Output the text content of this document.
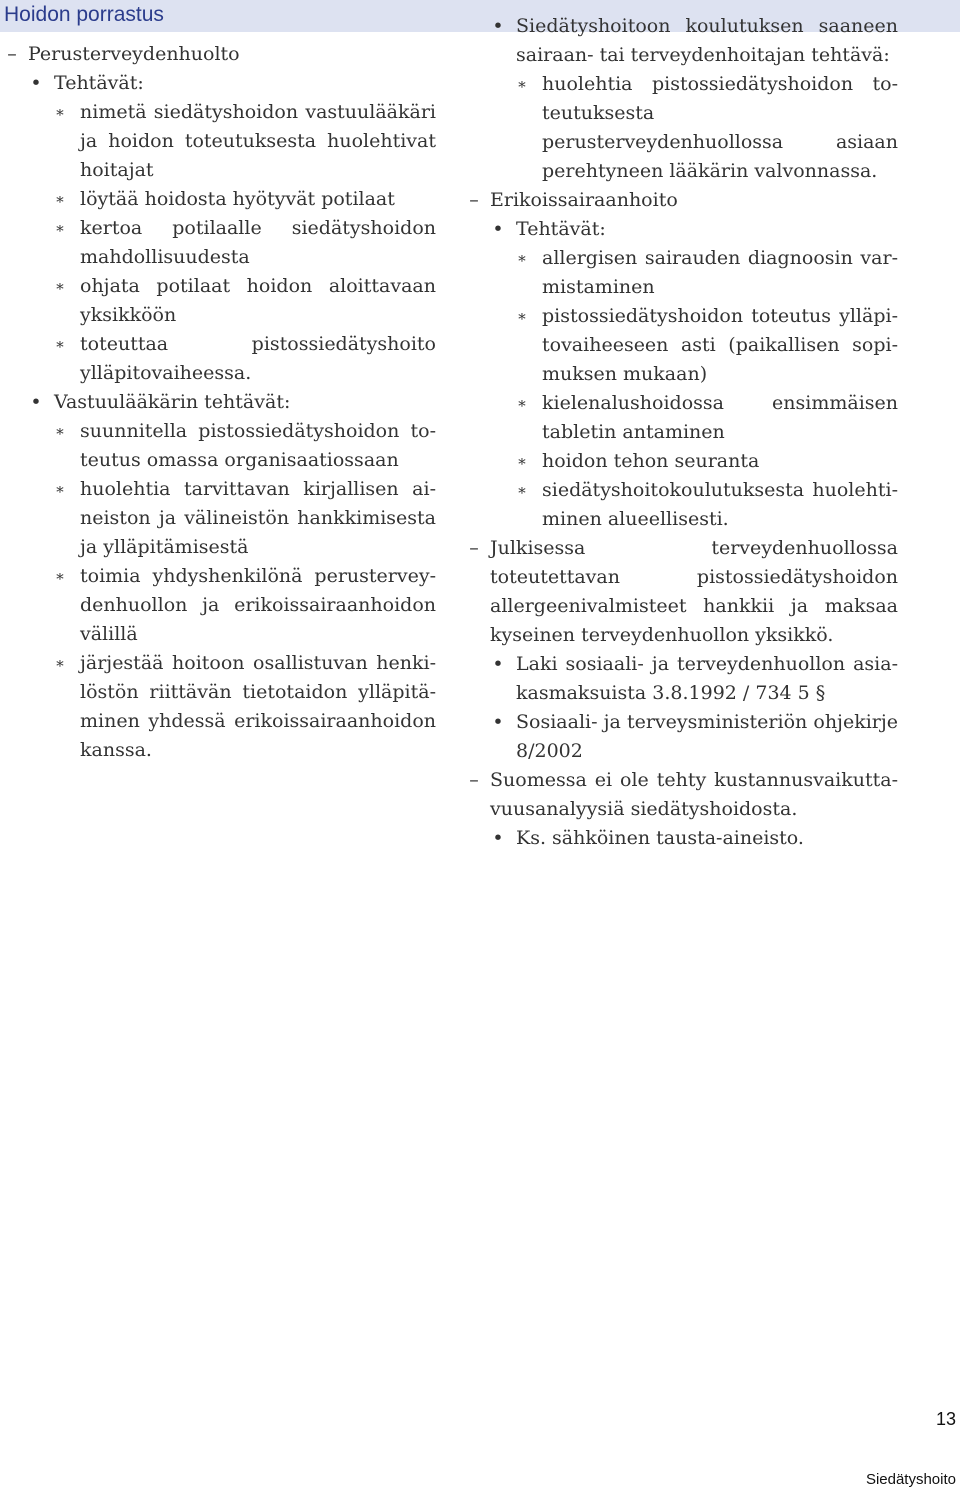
Hoidon porrastus
– Perusterveydenhuolto
• Tehtävät:
∗ nimetä siedätyshoidon vastuulääkäri ja hoidon toteutuksesta huolehtivat hoitajat
∗ löytää hoidosta hyötyvät potilaat
∗ kertoa potilaalle siedätyshoidon mahdollisuudesta
∗ ohjata potilaat hoidon aloittavaan yksikköön
∗ toteuttaa pistossiedätyshoito ylläpitovaiheessa.
• Vastuulääkärin tehtävät:
∗ suunnitella pistossiedätyshoidon toteutus omassa organisaatiossaan
∗ huolehtia tarvittavan kirjallisen aineiston ja välineistön hankkimisesta ja ylläpitämisestä
∗ toimia yhdyshenkilönä perusterveydenhuollon ja erikoissairaanhoidon välillä
∗ järjestää hoitoon osallistuvan henkilöstön riittävän tietotaidon ylläpitäminen yhdessä erikoissairaanhoidon kanssa.
• Siedätyshoitoon koulutuksen saaneen sairaan- tai terveydenhoitajan tehtävä:
∗ huolehtia pistossiedätyshoidon toteutuksesta perusterveydenhuollossa asiaan perehtyneen lääkärin valvonnassa.
– Erikoissairaanhoito
• Tehtävät:
∗ allergisen sairauden diagnoosin varmistaminen
∗ pistossiedätyshoidon toteutus ylläpitovaiheeseen asti (paikallisen sopimuksen mukaan)
∗ kielenalushoidossa ensimmäisen tabletin antaminen
∗ hoidon tehon seuranta
∗ siedätyshoitokoulutuksesta huolehtiminen alueellisesti.
– Julkisessa terveydenhuollossa toteutettavan pistossiedätyshoidon allergeenivalmisteet hankkii ja maksaa kyseinen terveydenhuollon yksikkö.
• Laki sosiaali- ja terveydenhuollon asiakasmaksuista 3.8.1992 / 734 5 §
• Sosiaali- ja terveysministeriön ohjekirje 8/2002
– Suomessa ei ole tehty kustannusvaikuttavuusanalyysiä siedätyshoidosta.
• Ks. sähköinen tausta-aineisto.
13
Siedätyshoito
